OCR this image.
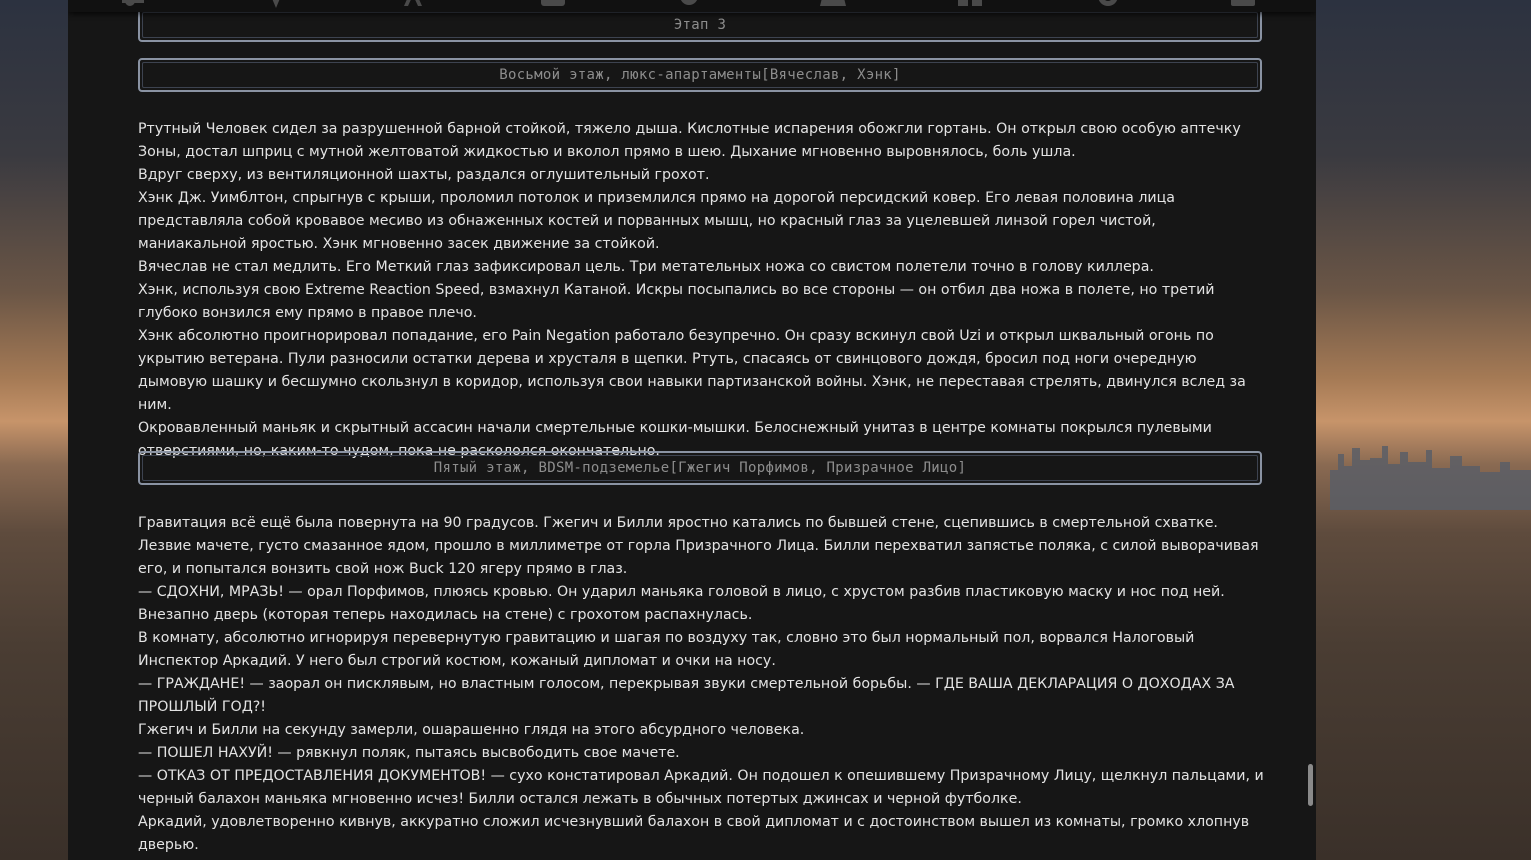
Этап 3
Восьмой этаж, люкс-апартаменты[Вячеслав, Хэнк]

Ртутный Человек сидел за разрушенной барной стойкой, тяжело дыша. Кислотные испарения обожгли гортань. Он открыл свою особую аптечку Зоны, достал шприц с мутной желтоватой жидкостью и вколол прямо в шею. Дыхание мгновенно выровнялось, боль ушла.

Вдруг сверху, из вентиляционной шахты, раздался оглушительный грохот.

Хэнк Дж. Уимблтон, спрыгнув с крыши, проломил потолок и приземлился прямо на дорогой персидский ковер. Его левая половина лица представляла собой кровавое месиво из обнаженных костей и порванных мышц, но красный глаз за уцелевшей линзой горел чистой, маниакальной яростью. Хэнк мгновенно засек движение за стойкой.

Вячеслав не стал медлить. Его Меткий глаз зафиксировал цель. Три метательных ножа со свистом полетели точно в голову киллера.

Хэнк, используя свою Extreme Reaction Speed, взмахнул Катаной. Искры посыпались во все стороны — он отбил два ножа в полете, но третий глубоко вонзился ему прямо в правое плечо.

Хэнк абсолютно проигнорировал попадание, его Pain Negation работало безупречно. Он сразу вскинул свой Uzi и открыл шквальный огонь по укрытию ветерана. Пули разносили остатки дерева и хрусталя в щепки. Ртуть, спасаясь от свинцового дождя, бросил под ноги очередную дымовую шашку и бесшумно скользнул в коридор, используя свои навыки партизанской войны. Хэнк, не переставая стрелять, двинулся вслед за ним.

Окровавленный маньяк и скрытный ассасин начали смертельные кошки-мышки. Белоснежный унитаз в центре комнаты покрылся пулевыми отверстиями, но, каким-то чудом, пока не раскололся окончательно.

Пятый этаж, BDSM-подземелье[Гжегич Порфимов, Призрачное Лицо]

Гравитация всё ещё была повернута на 90 градусов. Гжегич и Билли яростно катались по бывшей стене, сцепившись в смертельной схватке. Лезвие мачете, густо смазанное ядом, прошло в миллиметре от горла Призрачного Лица. Билли перехватил запястье поляка, с силой выворачивая его, и попытался вонзить свой нож Buck 120 ягеру прямо в глаз.

— СДОХНИ, МРАЗЬ! — орал Порфимов, плюясь кровью. Он ударил маньяка головой в лицо, с хрустом разбив пластиковую маску и нос под ней.

Внезапно дверь (которая теперь находилась на стене) с грохотом распахнулась.

В комнату, абсолютно игнорируя перевернутую гравитацию и шагая по воздуху так, словно это был нормальный пол, ворвался Налоговый Инспектор Аркадий. У него был строгий костюм, кожаный дипломат и очки на носу.

— ГРАЖДАНЕ! — заорал он писклявым, но властным голосом, перекрывая звуки смертельной борьбы. — ГДЕ ВАША ДЕКЛАРАЦИЯ О ДОХОДАХ ЗА ПРОШЛЫЙ ГОД?!

Гжегич и Билли на секунду замерли, ошарашенно глядя на этого абсурдного человека.

— ПОШЕЛ НАХУЙ! — рявкнул поляк, пытаясь высвободить свое мачете.

— ОТКАЗ ОТ ПРЕДОСТАВЛЕНИЯ ДОКУМЕНТОВ! — сухо констатировал Аркадий. Он подошел к опешившему Призрачному Лицу, щелкнул пальцами, и черный балахон маньяка мгновенно исчез! Билли остался лежать в обычных потертых джинсах и черной футболке.

Аркадий, удовлетворенно кивнув, аккуратно сложил исчезнувший балахон в свой дипломат и с достоинством вышел из комнаты, громко хлопнув дверью.
